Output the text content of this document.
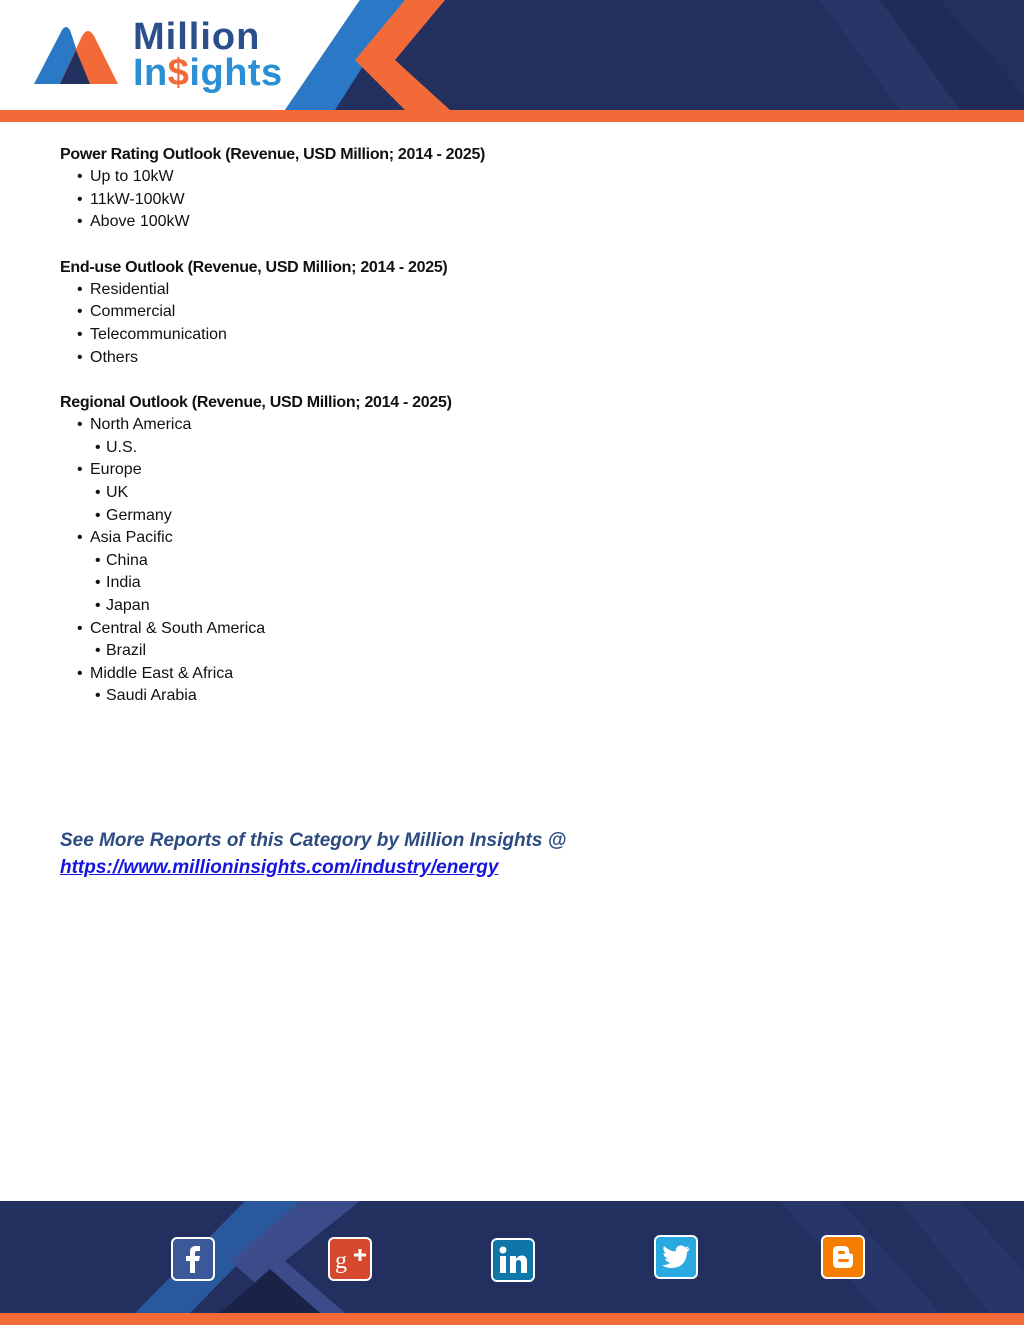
Million
In$ights
Power Rating Outlook (Revenue, USD Million; 2014 - 2025)
• Up to 10kW
• 11kW-100kW
• Above 100kW
End-use Outlook (Revenue, USD Million; 2014 - 2025)
• Residential
• Commercial
• Telecommunication
• Others
Regional Outlook (Revenue, USD Million; 2014 - 2025)
• North America
• U.S.
• Europe
• UK
• Germany
• Asia Pacific
• China
• India
• Japan
• Central & South America
• Brazil
• Middle East & Africa
• Saudi Arabia
See More Reports of this Category by Million Insights @
https://www.millioninsights.com/industry/energy
g
